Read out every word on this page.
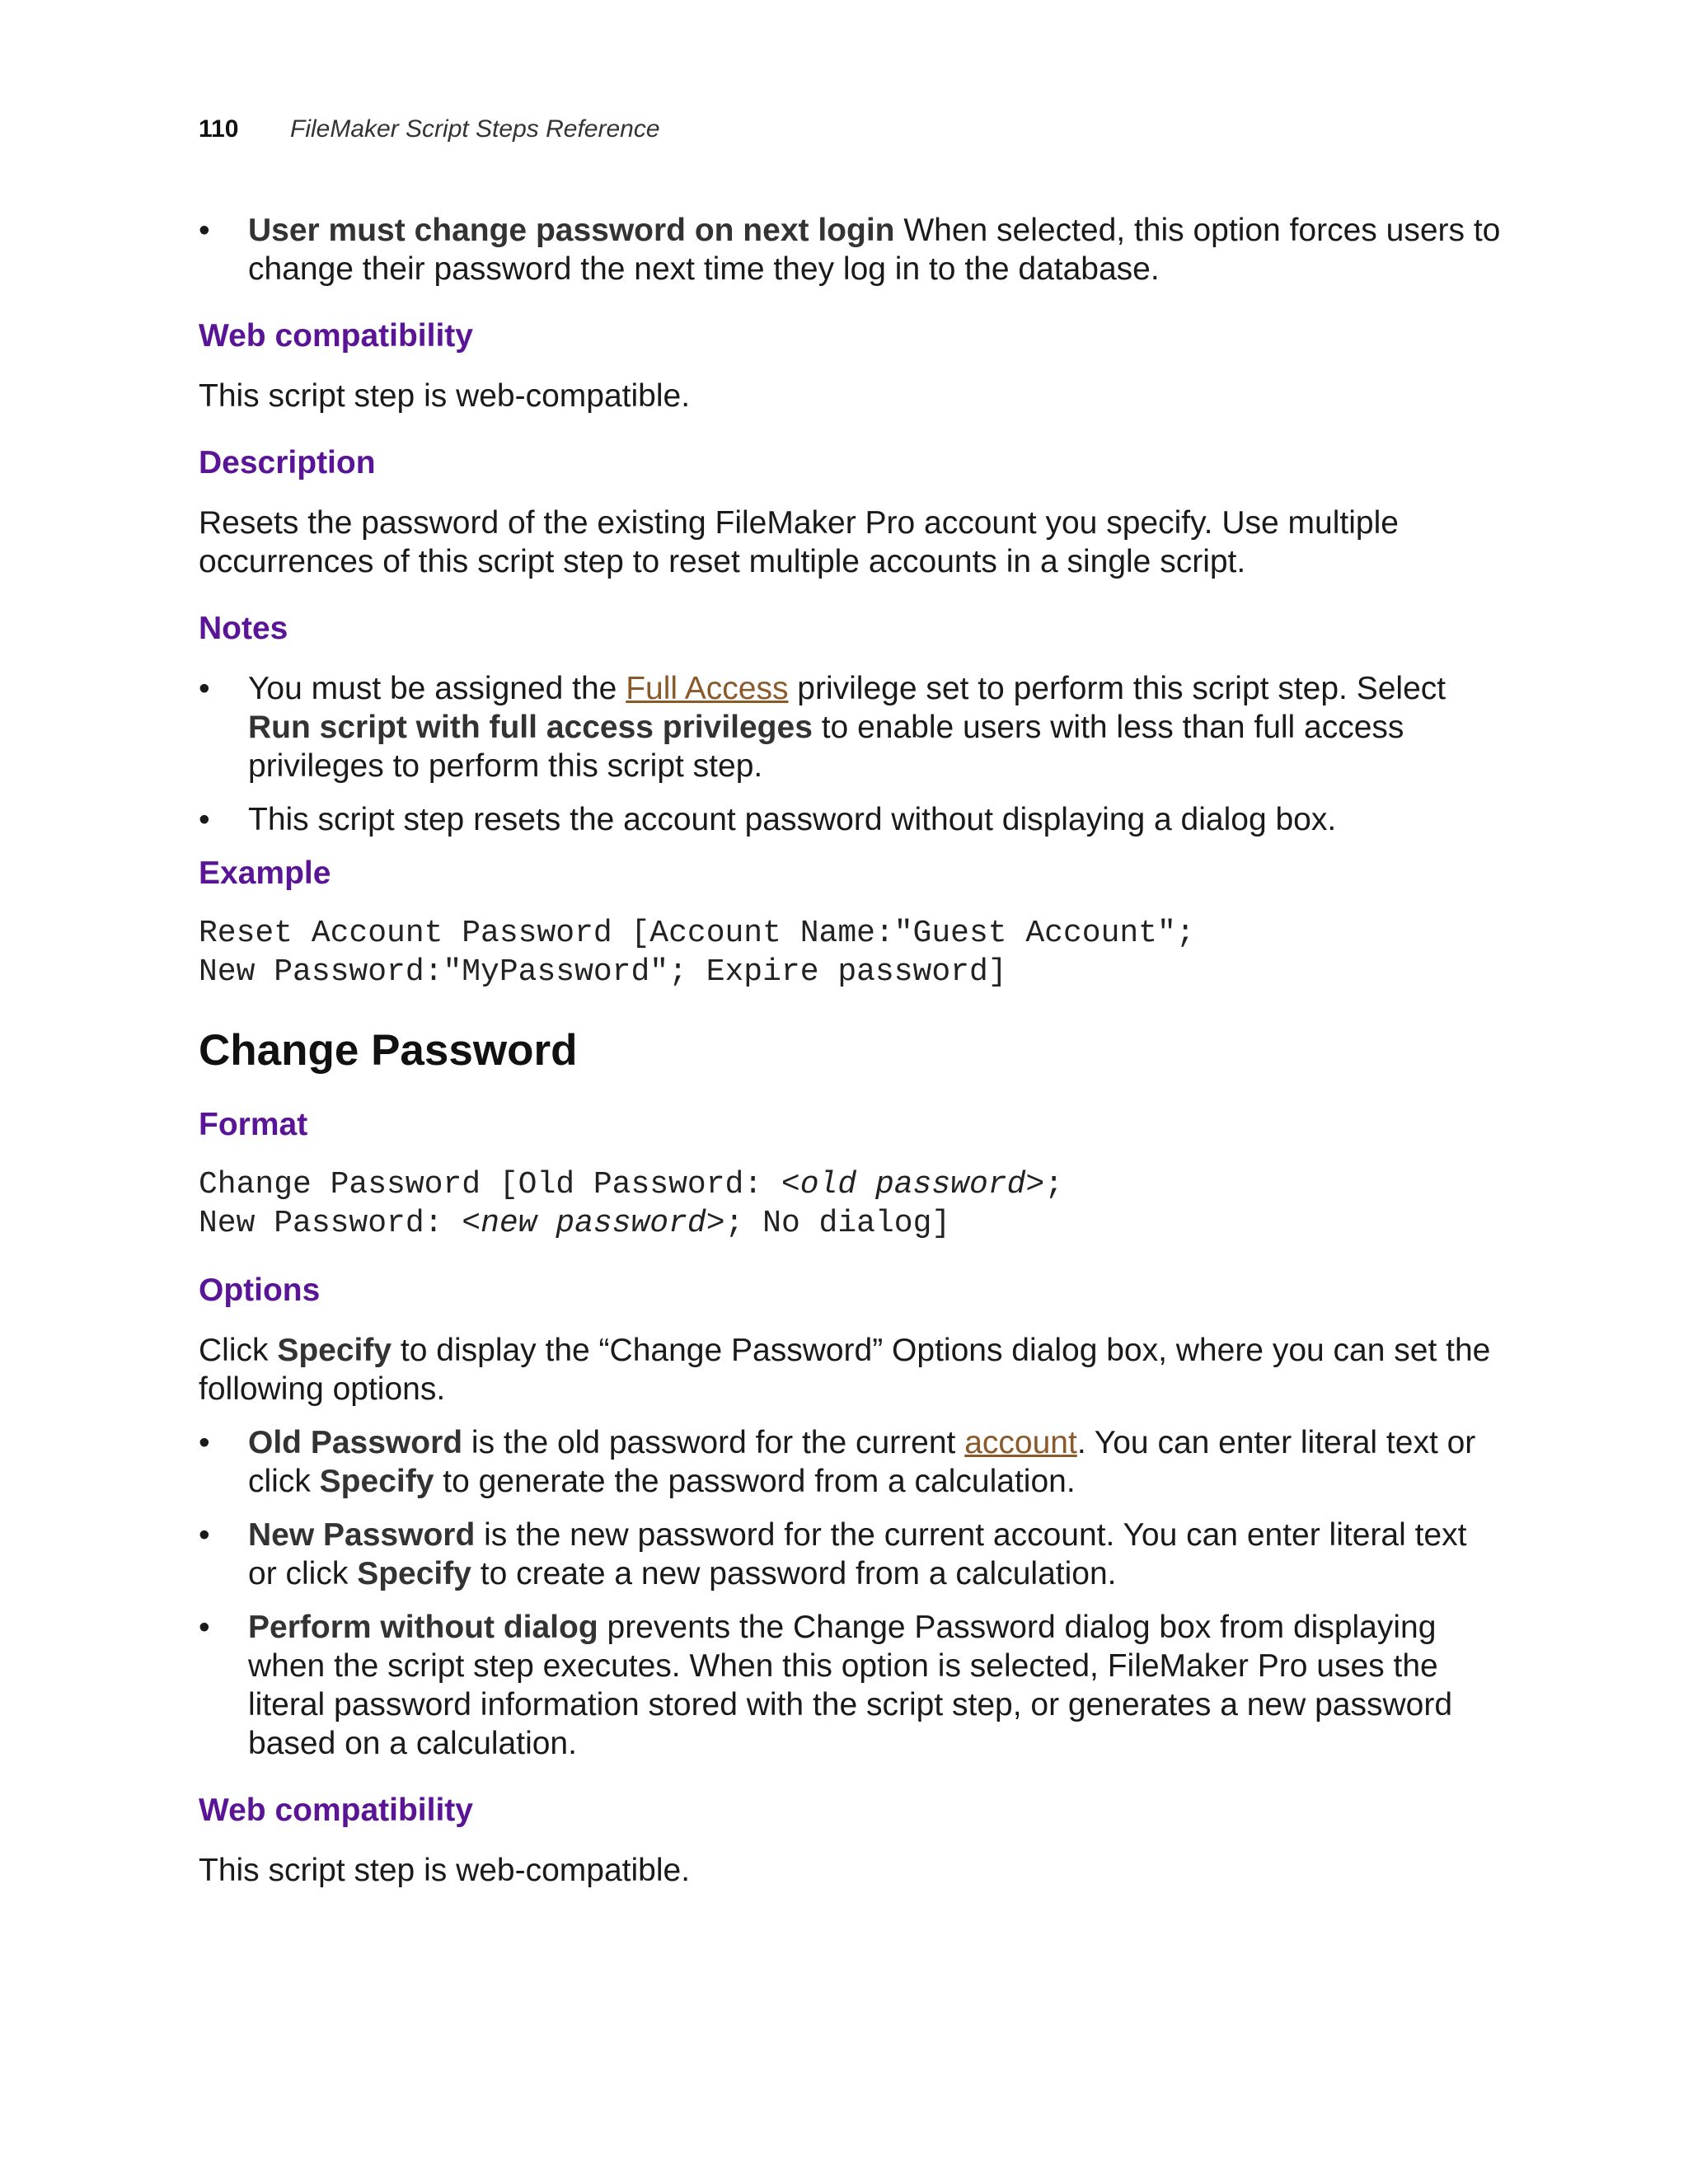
110 FileMaker Script Steps Reference

• User must change password on next login When selected, this option forces users to change their password the next time they log in to the database.

Web compatibility

This script step is web-compatible.

Description

Resets the password of the existing FileMaker Pro account you specify. Use multiple occurrences of this script step to reset multiple accounts in a single script.

Notes

• You must be assigned the Full Access privilege set to perform this script step. Select Run script with full access privileges to enable users with less than full access privileges to perform this script step.

• This script step resets the account password without displaying a dialog box.

Example

Reset Account Password [Account Name:"Guest Account";

New Password:"MyPassword"; Expire password]

Change Password
Format

Change Password [Old Password: <old password>;

New Password: <new password>; No dialog]

Options

Click Specify to display the “Change Password” Options dialog box, where you can set the following options.

• Old Password is the old password for the current account. You can enter literal text or click Specify to generate the password from a calculation.

• New Password is the new password for the current account. You can enter literal text or click Specify to create a new password from a calculation.

• Perform without dialog prevents the Change Password dialog box from displaying when the script step executes. When this option is selected, FileMaker Pro uses the literal password information stored with the script step, or generates a new password based on a calculation.

Web compatibility

This script step is web-compatible.
